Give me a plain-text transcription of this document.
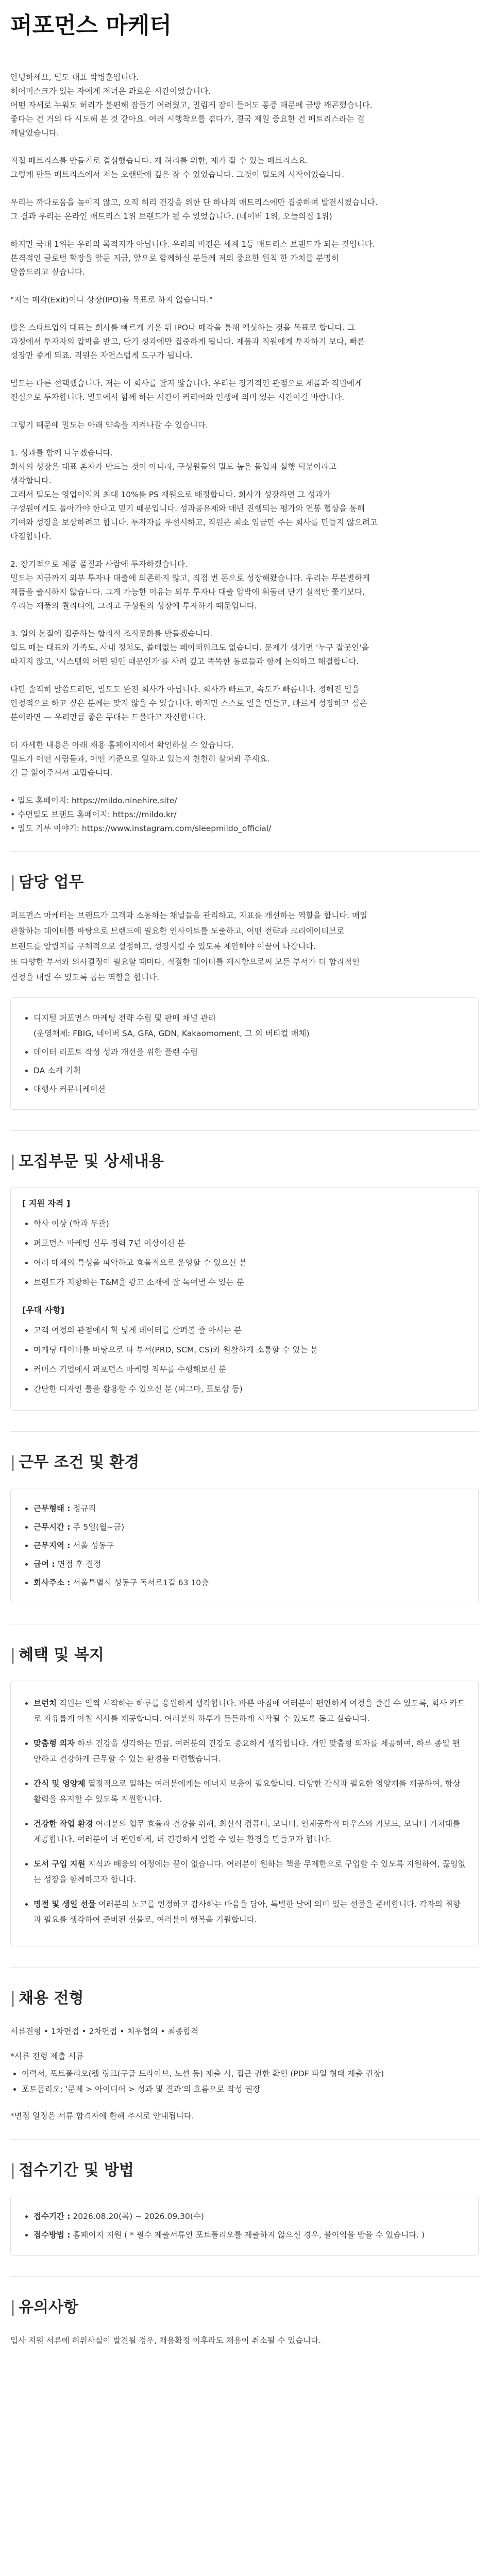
퍼포먼스 마케터

안녕하세요, 밀도 대표 박병훈입니다.
히어미스크가 있는 자에게 저녀온 과로운 시간이었습니다.
어떤 자세로 누워도 허리가 불편해 잠들기 어려웠고, 밀림게 잠이 들어도 통증 때문에 금방 깨곤했습니다.
좋다는 건 거의 다 시도해 본 것 같아요. 여러 시행착오를 겪다가, 결국 제일 중요한 건 매트리스라는 걸
깨달았습니다.

직접 매트리스를 만들기로 결심했습니다. 제 허리를 위한, 제가 잘 수 있는 매트리스요.
그렇게 만든 매트리스에서 저는 오랜만에 깊은 잠 수 있었습니다. 그것이 밀도의 시작이었습니다.

우리는 까다로움을 높이지 않고, 오직 허리 건강을 위한 단 하나의 매트리스에만 집중하며 발전시켰습니다.
그 결과 우리는 온라인 매트리스 1위 브랜드가 될 수 있었습니다. (네이버 1위, 오늘의집 1위)

하지만 국내 1위는 우리의 목적지가 아닙니다. 우리의 비전은 세계 1등 매트리스 브랜드가 되는 것입니다.
본격적인 글로벌 확장을 앞둔 지금, 앞으로 함께하실 분들께 저의 중요한 원칙 한 가치를 분명히
말씀드리고 싶습니다.

"저는 매각(Exit)이나 상장(IPO)을 목표로 하지 않습니다."

많은 스타트업의 대표는 회사를 빠르게 키운 뒤 IPO나 매각을 통해 엑싯하는 것을 목표로 합니다. 그
과정에서 투자자의 압박을 받고, 단기 성과에만 집중하게 됩니다. 제품과 직원에게 투자하기 보다, 빠른
성장만 좋게 되죠. 직원은 자연스럽게 도구가 됩니다.

밀도는 다른 선택했습니다. 저는 이 회사를 팔지 않습니다. 우리는 장기적인 관점으로 제품과 직원에게
진심으로 투자합니다. 밀도에서 함께 하는 시간이 커리어와 인생에 의미 있는 시간이길 바랍니다.

그렇기 때문에 밀도는 아래 약속을 지켜나갈 수 있습니다.

1. 성과를 함께 나누겠습니다.
회사의 성장은 대표 혼자가 만드는 것이 아니라, 구성원들의 밀도 높은 몰입과 실행 덕분이라고
생각합니다.
그래서 밀도는 영업이익의 최대 10%를 PS 재원으로 배정합니다. 회사가 성장하면 그 성과가
구성원에게도 돌아가야 한다고 믿기 때문입니다. 성과공유제와 매년 진행되는 평가와 연봉 협상을 통해
기여와 성장을 보상하려고 합니다. 투자자를 우선시하고, 직원은 최소 임금만 주는 회사를 만들지 않으려고
다짐합니다.

2. 장기적으로 제품 품질과 사람에 투자하겠습니다.
밀도는 지금까지 외부 투자나 대출에 의존하지 않고, 직접 번 돈으로 성장해왔습니다. 우리는 무분별하게
제품을 출시하지 않습니다. 그게 가능한 이유는 외부 투자나 대출 압박에 휘둘려 단기 실적만 쫓기보다,
우리는 제품의 퀄리티에, 그리고 구성원의 성장에 투자하기 때문입니다.

3. 일의 본질에 집중하는 합리적 조직문화를 만들겠습니다.
일도 매는 대표와 가족도, 사내 정치도, 쓸데없는 페이퍼워크도 없습니다. 문제가 생기면 '누구 잘못인'을
따지지 않고, '시스템의 어떤 원인 때문인가'를 사려 깊고 똑똑한 동료들과 함께 논의하고 해결합니다.

다만 솔직히 말씀드리면, 밀도도 완전 회사가 아닙니다. 회사가 빠르고, 속도가 빠릅니다. 정해진 일을
안정적으로 하고 싶은 분께는 맞지 않을 수 있습니다. 하지만 스스로 일을 만들고, 빠르게 성장하고 싶은
분이라면 — 우리만큼 좋은 무대는 드물다고 자신합니다.

더 자세한 내용은 아래 채용 홈페이지에서 확인하실 수 있습니다.
밀도가 어떤 사람들과, 어떤 기준으로 일하고 있는지 천천히 살펴봐 주세요.
긴 글 읽어주셔서 고맙습니다.

• 밀도 홈페이지: https://mildo.ninehire.site/
• 수면밀도 브랜드 홈페이지: https://mildo.kr/
• 밀도 기부 이야기: https://www.instagram.com/sleepmildo_official/
| 담당 업무

퍼포먼스 마케터는 브랜드가 고객과 소통하는 채널들을 관리하고, 지표를 개선하는 역할을 합니다. 매일
관찰하는 데이터를 바탕으로 브랜드에 필요한 인사이트를 도출하고, 어떤 전략과 크리에이티브로
브랜드를 알릴지를 구체적으로 설정하고, 성장시킬 수 있도록 제안해야 이끌어 나갑니다.
또 다양한 부서와 의사결정이 필요할 때마다, 적절한 데이터를 제시함으로써 모든 부서가 더 합리적인
결정을 내릴 수 있도록 돕는 역할을 합니다.

• 디지털 퍼포먼스 마케팅 전략 수립 및 판매 채널 관리
(운영채제: FBIG, 네이버 SA, GFA, GDN, Kakaomoment, 그 외 버티컬 매체)
• 데이터 리포트 작성 성과 개선을 위한 플랜 수립
• DA 소재 기획
• 대행사 커뮤니케이션
| 모집부문 및 상세내용
[ 지원 자격 ]
• 학사 이상 (학과 무관)
• 퍼포먼스 마케팅 실무 경력 7년 이상이신 분
• 여러 매체의 특성을 파악하고 효율적으로 운영할 수 있으신 분
• 브랜드가 지향하는 T&M을 광고 소재에 잘 녹여낼 수 있는 분
[우대 사항]
• 고객 여정의 관점에서 확 넓게 데이터를 살펴볼 줄 아시는 분
• 마케팅 데이터를 바탕으로 타 부서(PRD, SCM, CS)와 원활하게 소통할 수 있는 분
• 커머스 기업에서 퍼포먼스 마케팅 직무를 수행해보신 분
• 간단한 디자인 툴을 활용할 수 있으신 분 (피그마, 포토샵 등)
| 근무 조건 및 환경
• 근무형태 : 정규직
• 근무시간 : 주 5일(월~금)
• 근무지역 : 서울 성동구
• 급여 : 면접 후 결정
• 회사주소 : 서울특별시 성동구 독서로1길 63 10층
| 혜택 및 복지
• 브런치 직원는 일찍 시작하는 하루를 응원하게 생각합니다. 바쁜 아침에 여러분이 편안하게 여정을 즐길 수 있도록, 회사 카드로 자유롭게 아침 식사를 제공합니다. 여러분의 하루가 든든하게 시작될 수 있도록 돕고 싶습니다.
• 맞춤형 의자 하루 건강을 생각하는 만큼, 여러분의 건강도 중요하게 생각합니다. 개인 맞춤형 의자를 제공하여, 하루 종일 편안하고 건강하게 근무할 수 있는 환경을 마련했습니다.
• 간식 및 영양제 열정적으로 일하는 여러분에게는 에너지 보충이 필요합니다. 다양한 간식과 필요한 영양제를 제공하여, 항상 활력을 유지할 수 있도록 지원합니다.
• 건강한 작업 환경 여러분의 업무 효율과 건강을 위해, 최신식 컴퓨터, 모니터, 인체공학적 마우스와 키보드, 모니터 거치대를 제공합니다. 여러분이 더 편안하게, 더 건강하게 일할 수 있는 환경을 만들고자 합니다.
• 도서 구입 지원 지식과 배움의 여정에는 끝이 없습니다. 여러분이 원하는 책을 무제한으로 구입할 수 있도록 지원하여, 끊임없는 성장을 함께하고자 합니다.
• 명절 및 생일 선물 여러분의 노고를 인정하고 감사하는 마음을 담아, 특별한 날에 의미 있는 선물을 준비합니다. 각자의 취향과 필요를 생각하여 준비된 선물로, 여러분이 행복을 기원합니다.
| 채용 전형

서류전형 • 1차면접 • 2차면접 • 처우협의 • 최종합격

*서류 전형 제출 서류

• 이력서, 포트폴리오(웹 링크(구글 드라이브, 노션 등) 제출 시, 접근 권한 확인 (PDF 파일 형태 제출 권장)
• 포트폴리오: '문제 > 아이디어 > 성과 및 결과'의 흐름으로 작성 권장

*면접 일정은 서류 합격자에 한해 추시로 안내됩니다.

| 접수기간 및 방법
• 접수기간 : 2026.08.20(목) ~ 2026.09.30(수)
• 접수방법 : 홈페이지 지원 ( * 필수 제출서류인 포트폴리오를 제출하지 않으신 경우, 불이익을 받을 수 있습니다. )
| 유의사항

입사 지원 서류에 허위사실이 발견될 경우, 채용확정 이후라도 채용이 취소될 수 있습니다.
